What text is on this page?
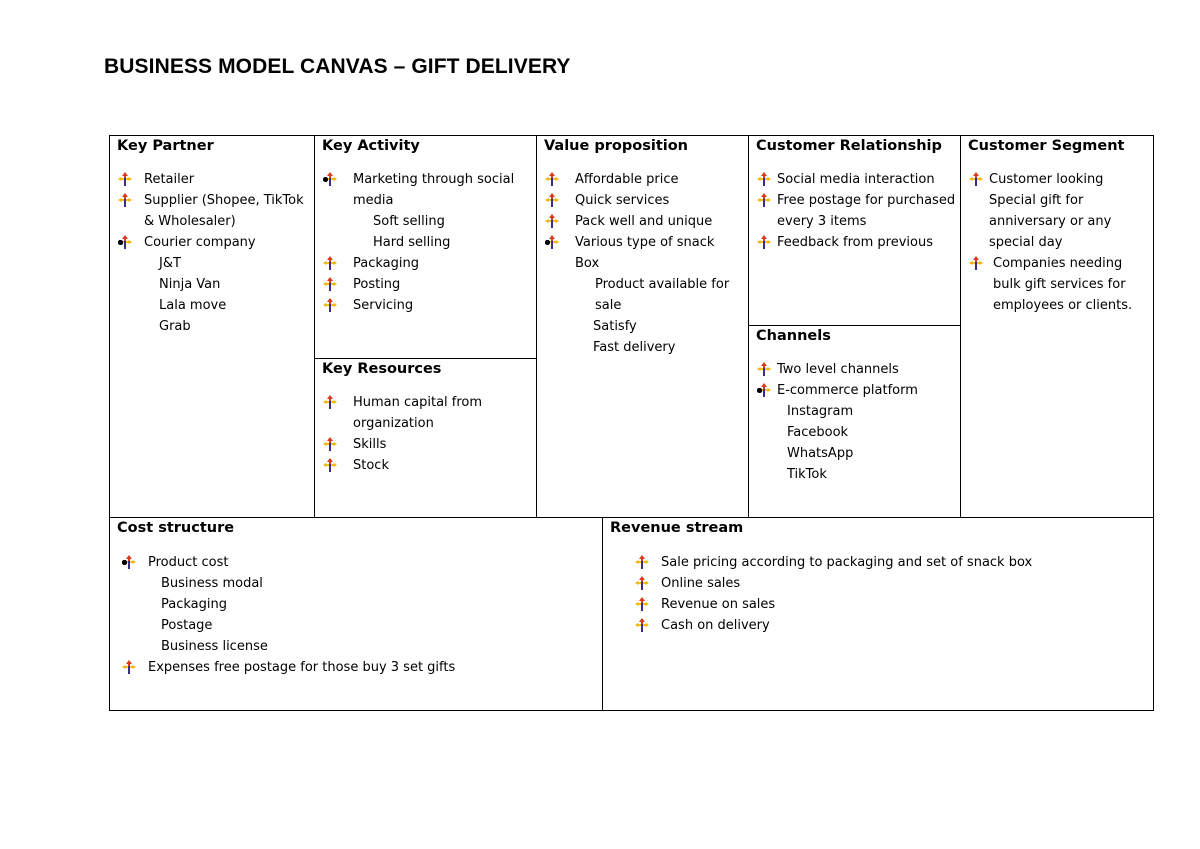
BUSINESS MODEL CANVAS – GIFT DELIVERY
Key Partner
Retailer
Supplier (Shopee, TikTok & Wholesaler)
Courier company
J&T
Ninja Van
Lala move
Grab
Key Activity
Marketing through social media
Soft selling
Hard selling
Packaging
Posting
Servicing
Key Resources
Human capital from organization
Skills
Stock
Value proposition
Affordable price
Quick services
Pack well and unique
Various type of snack Box
Product available for sale
Satisfy
Fast delivery
Customer Relationship
Social media interaction
Free postage for purchased every 3 items
Feedback from previous
Channels
Two level channels
E-commerce platform
Instagram
Facebook
WhatsApp
TikTok
Customer Segment
Customer looking Special gift for anniversary or any special day
Companies needing bulk gift services for employees or clients.
Cost structure
Product cost
Business modal
Packaging
Postage
Business license
Expenses free postage for those buy 3 set gifts
Revenue stream
Sale pricing according to packaging and set of snack box
Online sales
Revenue on sales
Cash on delivery
